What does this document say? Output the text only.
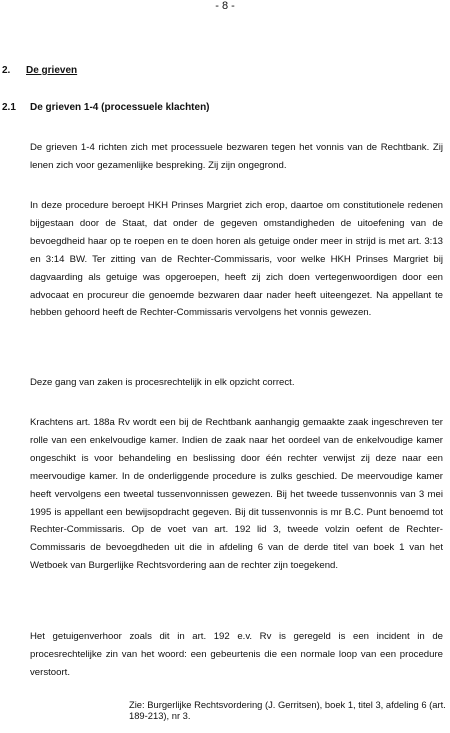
- 8 -
2. De grieven
2.1 De grieven 1-4 (processuele klachten)

De grieven 1-4 richten zich met processuele bezwaren tegen het vonnis van de Rechtbank. Zij lenen zich voor gezamenlijke bespreking. Zij zijn ongegrond.

In deze procedure beroept HKH Prinses Margriet zich erop, daartoe om constitutionele redenen bijgestaan door de Staat, dat onder de gegeven omstandigheden de uitoefening van de bevoegdheid haar op te roepen en te doen horen als getuige onder meer in strijd is met art. 3:13 en 3:14 BW. Ter zitting van de Rechter-Commissaris, voor welke HKH Prinses Margriet bij dagvaarding als getuige was opgeroepen, heeft zij zich doen vertegenwoordigen door een advocaat en procureur die genoemde bezwaren daar nader heeft uiteengezet. Na appellant te hebben gehoord heeft de Rechter-Commissaris vervolgens het vonnis gewezen.

Deze gang van zaken is procesrechtelijk in elk opzicht correct.

Krachtens art. 188a Rv wordt een bij de Rechtbank aanhangig gemaakte zaak ingeschreven ter rolle van een enkelvoudige kamer. Indien de zaak naar het oordeel van de enkelvoudige kamer ongeschikt is voor behandeling en beslissing door één rechter verwijst zij deze naar een meervoudige kamer. In de onderliggende procedure is zulks geschied. De meervoudige kamer heeft vervolgens een tweetal tussenvonnissen gewezen. Bij het tweede tussenvonnis van 3 mei 1995 is appellant een bewijsopdracht gegeven. Bij dit tussenvonnis is mr B.C. Punt benoemd tot Rechter-Commissaris. Op de voet van art. 192 lid 3, tweede volzin oefent de Rechter-Commissaris de bevoegdheden uit die in afdeling 6 van de derde titel van boek 1 van het Wetboek van Burgerlijke Rechtsvordering aan de rechter zijn toegekend.

Het getuigenverhoor zoals dit in art. 192 e.v. Rv is geregeld is een incident in de procesrechtelijke zin van het woord: een gebeurtenis die een normale loop van een procedure verstoort.

Zie: Burgerlijke Rechtsvordering (J. Gerritsen), boek 1, titel 3, afdeling 6 (art. 189-213), nr 3.
